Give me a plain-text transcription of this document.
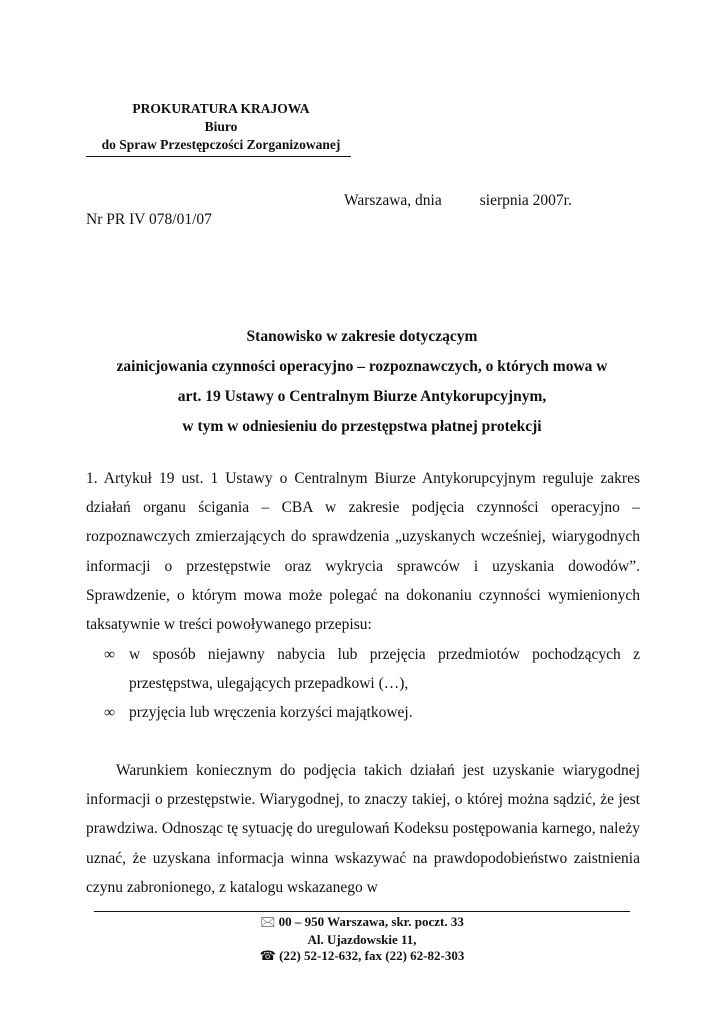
PROKURATURA KRAJOWA
Biuro
do Spraw Przestępczości Zorganizowanej
Warszawa, dnia sierpnia 2007r.
Nr PR IV 078/01/07
Stanowisko w zakresie dotyczącym
zainicjowania czynności operacyjno – rozpoznawczych, o których mowa w
art. 19 Ustawy o Centralnym Biurze Antykorupcyjnym,
w tym w odniesieniu do przestępstwa płatnej protekcji

1. Artykuł 19 ust. 1 Ustawy o Centralnym Biurze Antykorupcyjnym reguluje zakres działań organu ścigania – CBA w zakresie podjęcia czynności operacyjno – rozpoznawczych zmierzających do sprawdzenia „uzyskanych wcześniej, wiarygodnych informacji o przestępstwie oraz wykrycia sprawców i uzyskania dowodów”. Sprawdzenie, o którym mowa może polegać na dokonaniu czynności wymienionych taksatywnie w treści powoływanego przepisu:

∞ w sposób niejawny nabycia lub przejęcia przedmiotów pochodzących z przestępstwa, ulegających przepadkowi (…),
∞ przyjęcia lub wręczenia korzyści majątkowej.

Warunkiem koniecznym do podjęcia takich działań jest uzyskanie wiarygodnej informacji o przestępstwie. Wiarygodnej, to znaczy takiej, o której można sądzić, że jest prawdziwa. Odnosząc tę sytuację do uregulowań Kodeksu postępowania karnego, należy uznać, że uzyskana informacja winna wskazywać na prawdopodobieństwo zaistnienia czynu zabronionego, z katalogu wskazanego w

🖂 00 – 950 Warszawa, skr. poczt. 33
Al. Ujazdowskie 11,
☎ (22) 52-12-632, fax (22) 62-82-303
